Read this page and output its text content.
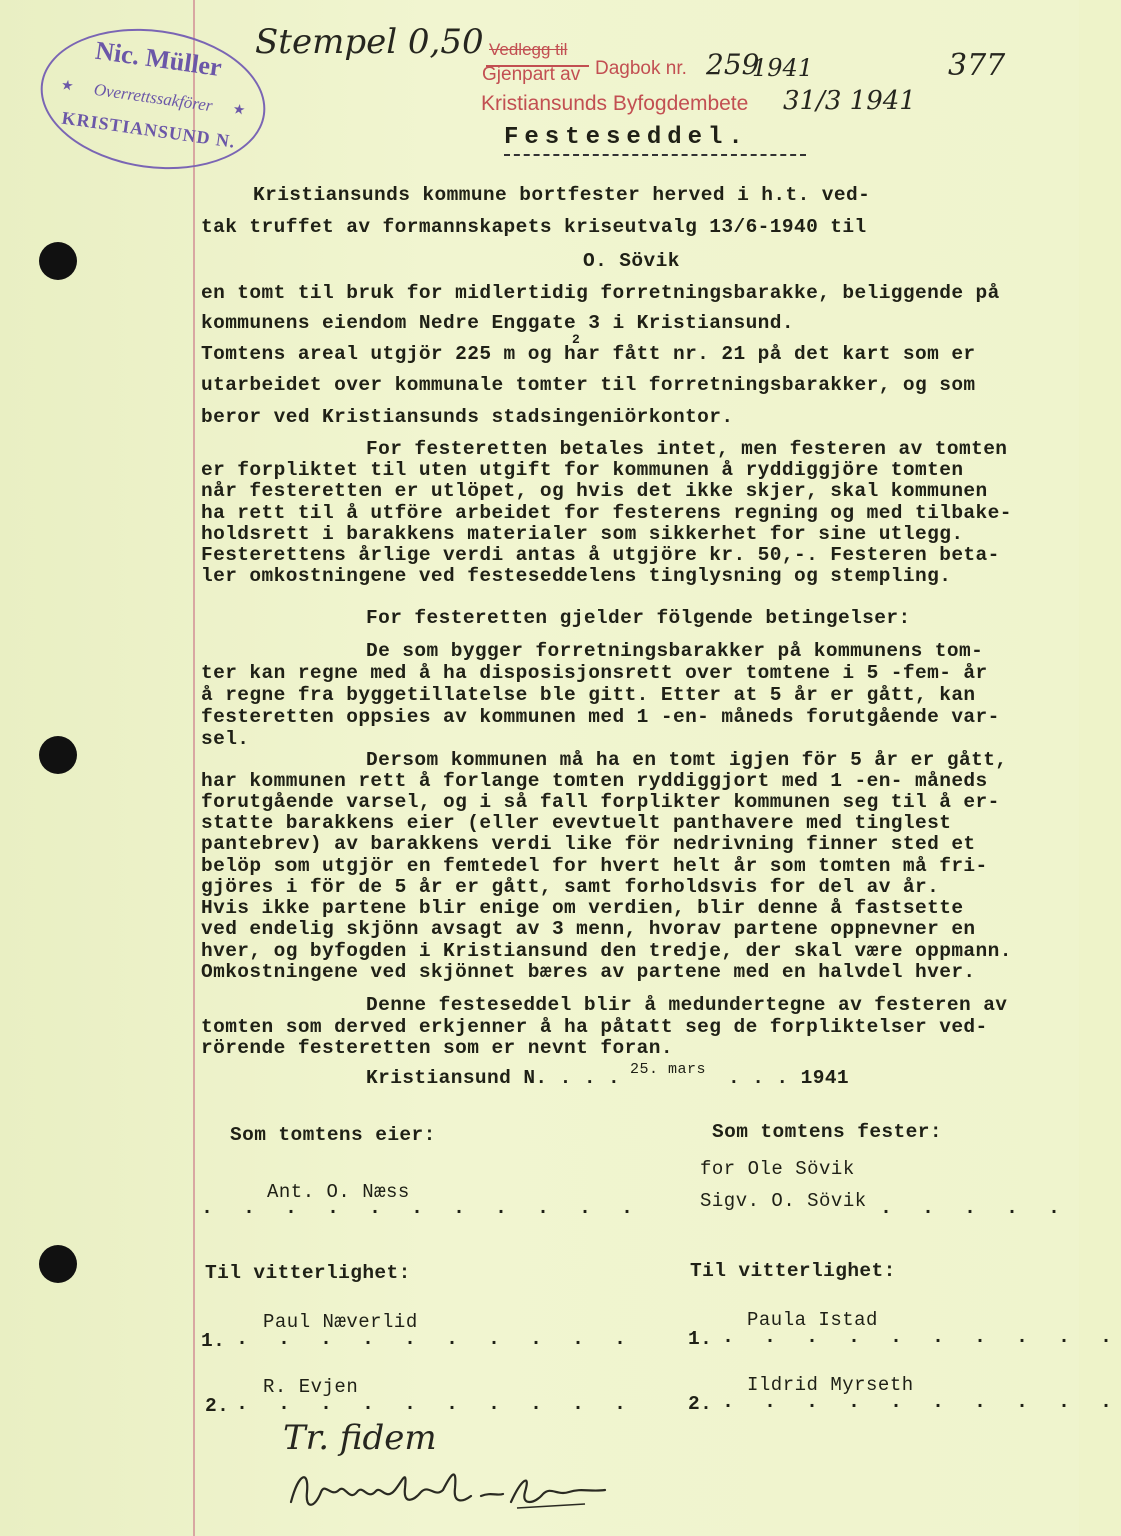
Nic. Müller
★	Overrettssakförer	★
KRISTIANSUND N.
Stempel 0,50
377
Vedlegg til
Gjenpart av Dagbok nr. 259
1941
Kristiansunds Byfogdembete 31/3 1941
Festeseddel.
Kristiansunds kommune bortfester herved i h.t. ved-
tak truffet av formannskapets kriseutvalg 13/6-1940 til
O. Sövik
en tomt til bruk for midlertidig forretningsbarakke, beliggende på
kommunens eiendom Nedre Enggate 3 i Kristiansund.
Tomtens areal utgjör 225 m og har fått nr. 21 på det kart som er
2
utarbeidet over kommunale tomter til forretningsbarakker, og som
beror ved Kristiansunds stadsingeniörkontor.
For festeretten betales intet, men festeren av tomten
er forpliktet til uten utgift for kommunen å ryddiggjöre tomten
når festeretten er utlöpet, og hvis det ikke skjer, skal kommunen
ha rett til å utföre arbeidet for festerens regning og med tilbake-
holdsrett i barakkens materialer som sikkerhet for sine utlegg.
Festerettens årlige verdi antas å utgjöre kr. 50,-. Festeren beta-
ler omkostningene ved festeseddelens tinglysning og stempling.
For festeretten gjelder fölgende betingelser:
De som bygger forretningsbarakker på kommunens tom-
ter kan regne med å ha disposisjonsrett over tomtene i 5 -fem- år
å regne fra byggetillatelse ble gitt. Etter at 5 år er gått, kan
festeretten oppsies av kommunen med 1 -en- måneds forutgående var-
sel.
Dersom kommunen må ha en tomt igjen för 5 år er gått,
har kommunen rett å forlange tomten ryddiggjort med 1 -en- måneds
forutgående varsel, og i så fall forplikter kommunen seg til å er-
statte barakkens eier (eller evevtuelt panthavere med tinglest
pantebrev) av barakkens verdi like för nedrivning finner sted et
belöp som utgjör en femtedel for hvert helt år som tomten må fri-
gjöres i för de 5 år er gått, samt forholdsvis for del av år.
Hvis ikke partene blir enige om verdien, blir denne å fastsette
ved endelig skjönn avsagt av 3 menn, hvorav partene oppnevner en
hver, og byfogden i Kristiansund den tredje, der skal være oppmann.
Omkostningene ved skjönnet bæres av partene med en halvdel hver.
Denne festeseddel blir å medundertegne av festeren av
tomten som derved erkjenner å ha påtatt seg de forpliktelser ved-
rörende festeretten som er nevnt foran.
Kristiansund N. . . . 25. mars . . . 1941
Som tomtens eier:	Som tomtens fester:
for Ole Sövik
Ant. O. Næss	Sigv. O. Sövik
. . . . . . . . . . .	. . . . .
Til vitterlighet:	Til vitterlighet:
Paul Næverlid	Paula Istad
1. . . . . . . . . . .	1. . . . . . . . . . .
R. Evjen	Ildrid Myrseth
2. . . . . . . . . . .	2. . . . . . . . . . .
Tr. fidem
